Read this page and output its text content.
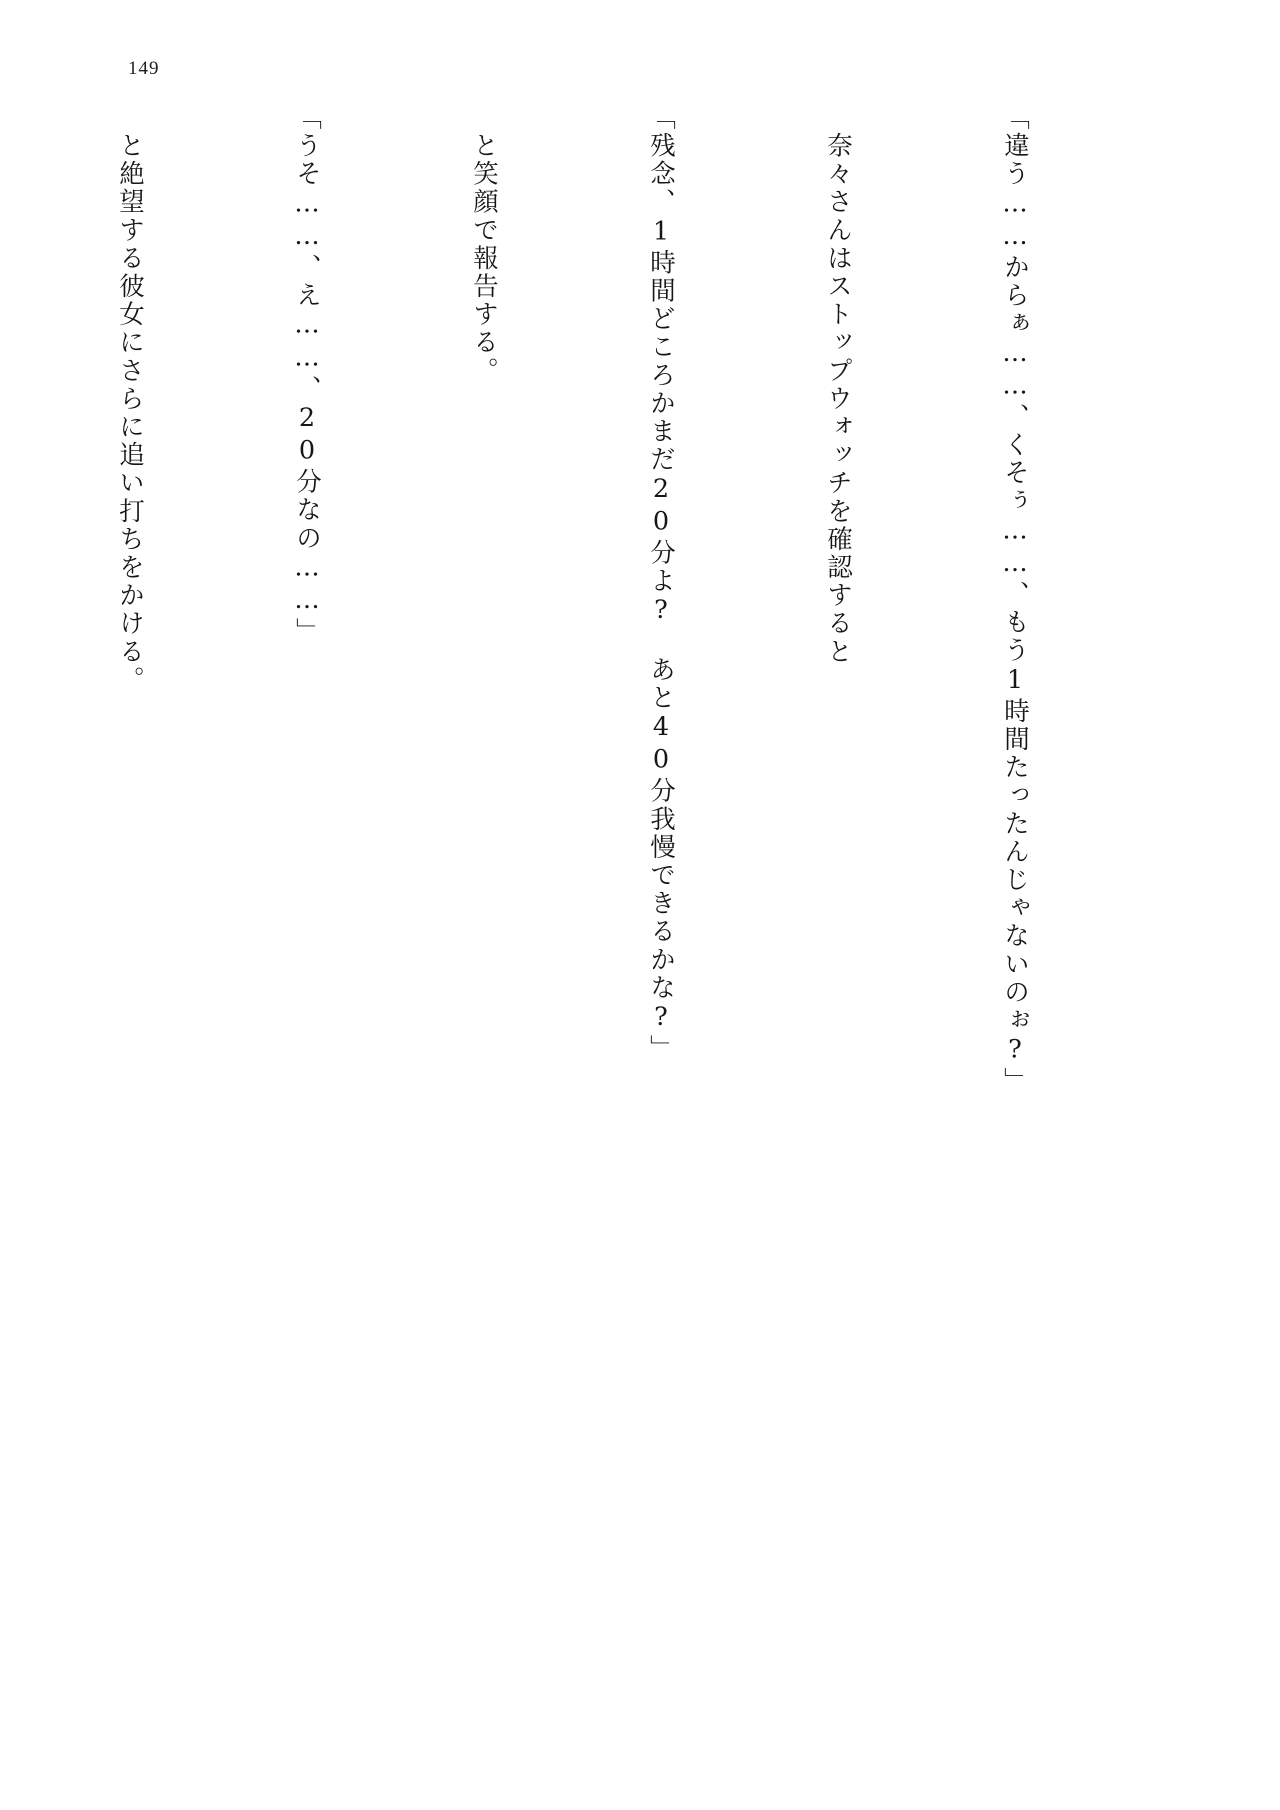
149

「違う……からぁ……、くそぅ……、もう1時間たったんじゃないのぉ?」

　奈々さんはストップウォッチを確認すると

「残念、1時間どころかまだ20分よ?　あと40分我慢できるかな?」

　と笑顔で報告する。

「うそ……、え……、20分なの……」

　と絶望する彼女にさらに追い打ちをかける。
